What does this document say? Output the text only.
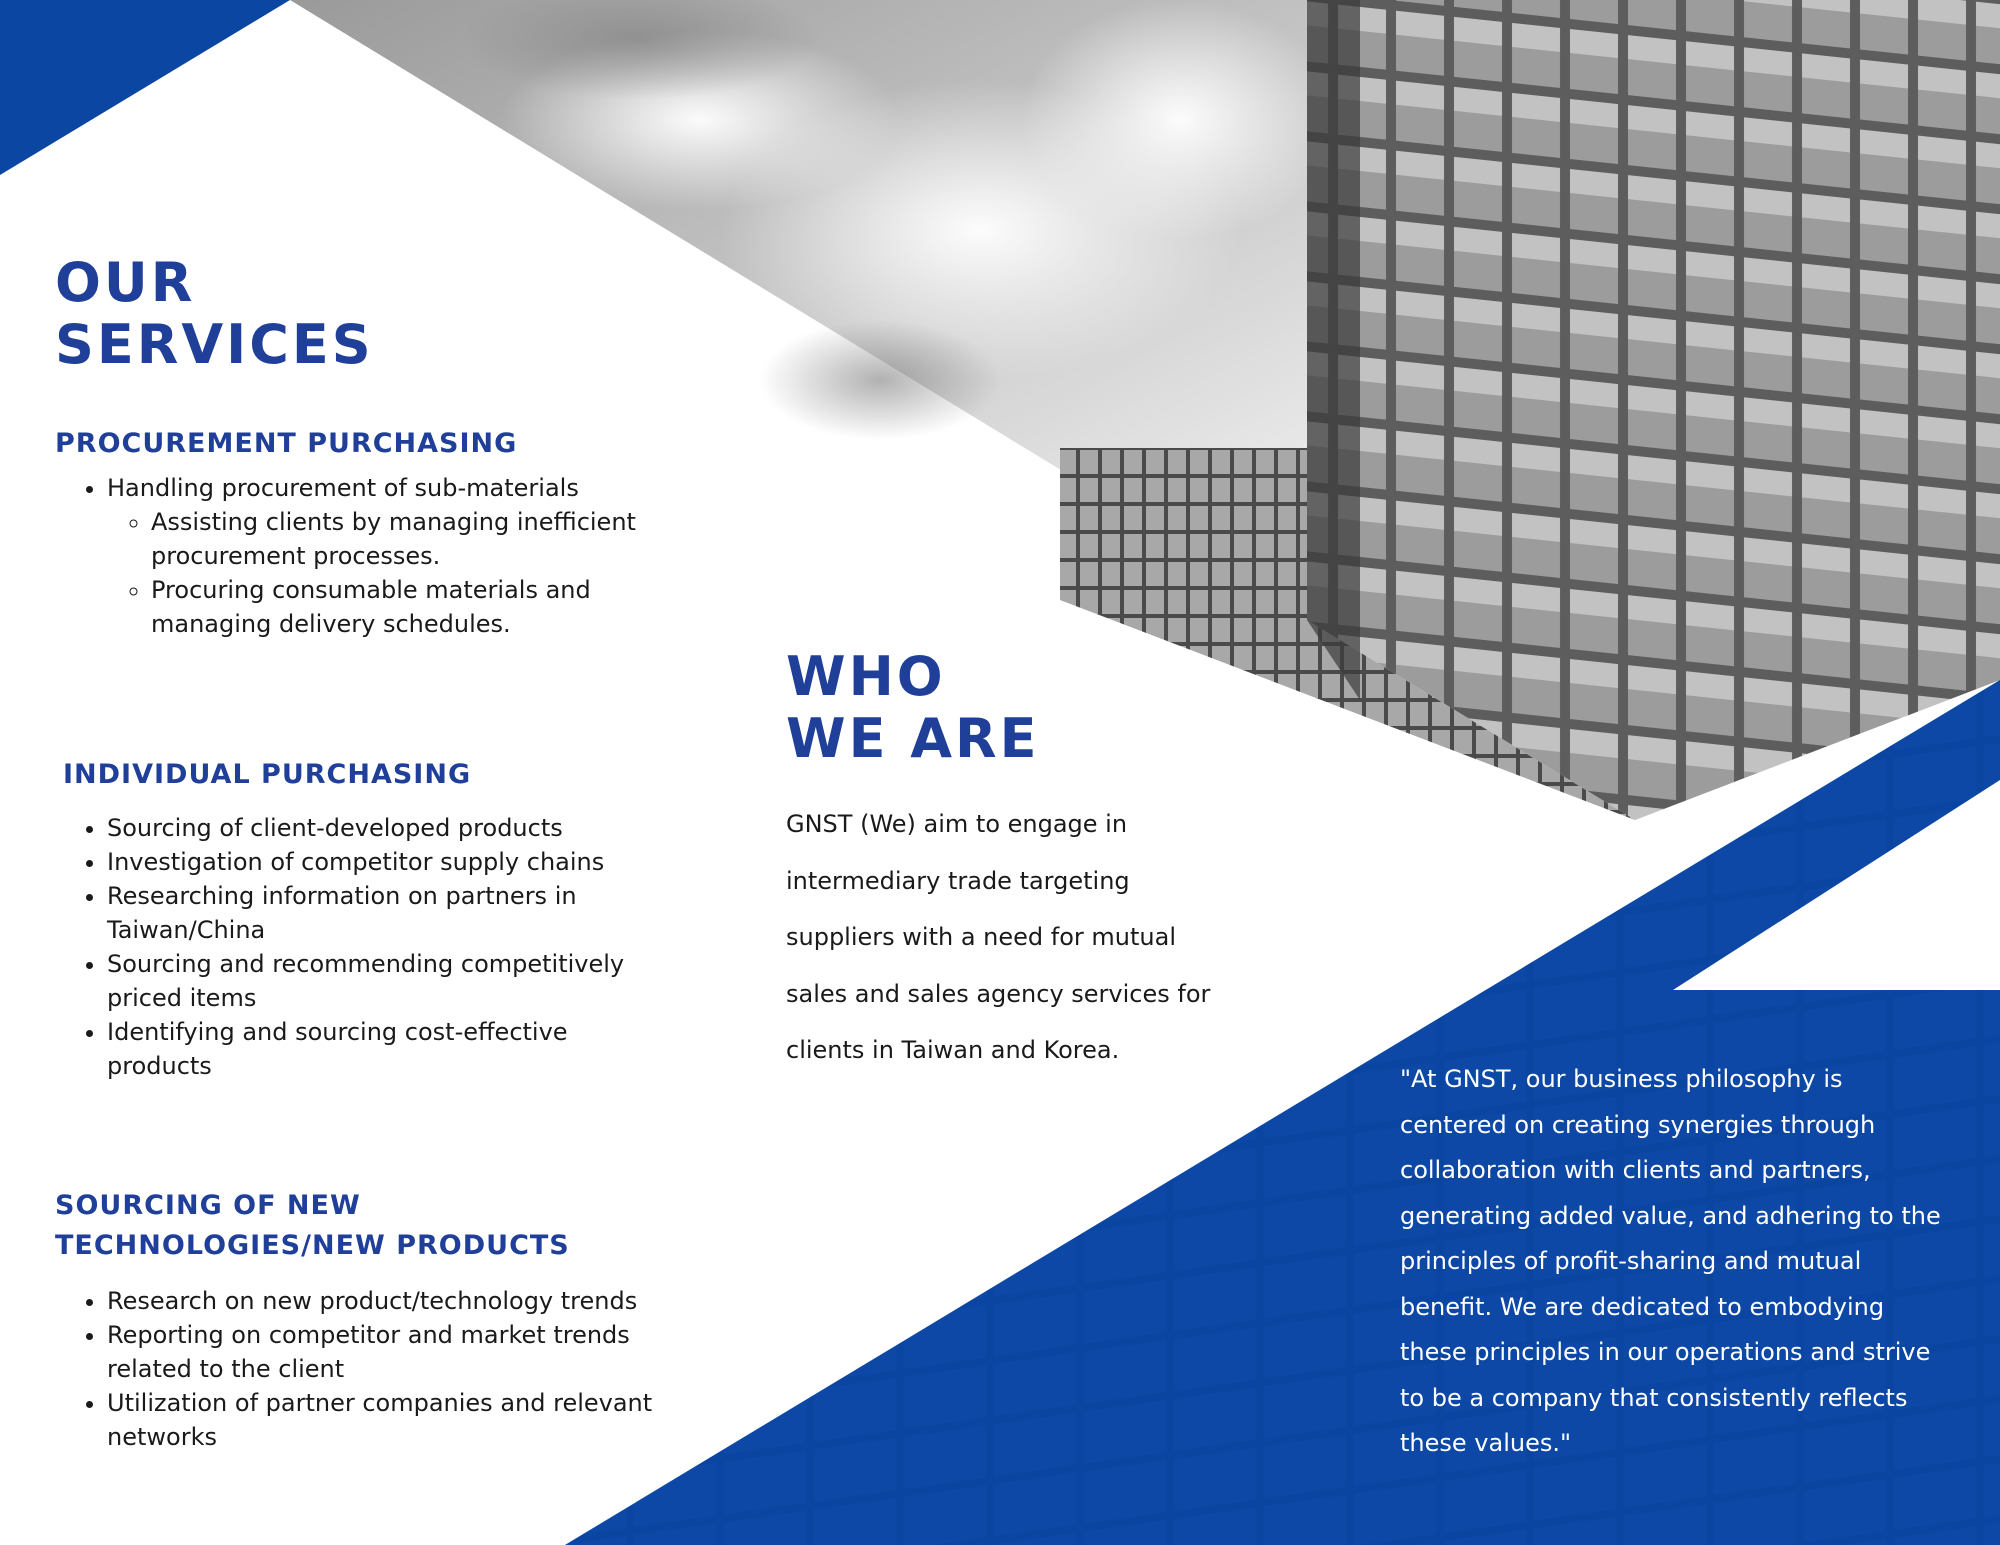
OUR
SERVICES
PROCUREMENT PURCHASING
• Handling procurement of sub-materials
◦ Assisting clients by managing inefficient procurement processes.
◦ Procuring consumable materials and managing delivery schedules.
INDIVIDUAL PURCHASING
• Sourcing of client-developed products
• Investigation of competitor supply chains
• Researching information on partners in Taiwan/China
• Sourcing and recommending competitively priced items
• Identifying and sourcing cost-effective products
SOURCING OF NEW TECHNOLOGIES/NEW PRODUCTS
• Research on new product/technology trends
• Reporting on competitor and market trends related to the client
• Utilization of partner companies and relevant networks
WHO
WE ARE

GNST (We) aim to engage in intermediary trade targeting suppliers with a need for mutual sales and sales agency services for clients in Taiwan and Korea.

"At GNST, our business philosophy is centered on creating synergies through collaboration with clients and partners, generating added value, and adhering to the principles of profit-sharing and mutual benefit. We are dedicated to embodying these principles in our operations and strive to be a company that consistently reflects these values."
